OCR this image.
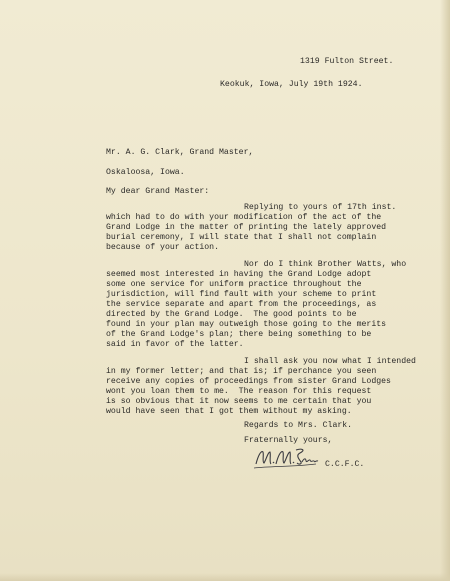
1319 Fulton Street.
Keokuk, Iowa, July 19th 1924.
Mr. A. G. Clark, Grand Master,
Oskaloosa, Iowa.
My dear Grand Master:
Replying to yours of 17th inst.
which had to do with your modification of the act of the
Grand Lodge in the matter of printing the lately approved
burial ceremony, I will state that I shall not complain
because of your action.
Nor do I think Brother Watts, who
seemed most interested in having the Grand Lodge adopt
some one service for uniform practice throughout the
jurisdiction, will find fault with your scheme to print
the service separate and apart from the proceedings, as
directed by the Grand Lodge.  The good points to be
found in your plan may outweigh those going to the merits
of the Grand Lodge's plan; there being something to be
said in favor of the latter.
I shall ask you now what I intended
in my former letter; and that is; if perchance you seen
receive any copies of proceedings from sister Grand Lodges
wont you loan them to me.  The reason for this request
is so obvious that it now seems to me certain that you
would have seen that I got them without my asking.
Regards to Mrs. Clark.
Fraternally yours,
C.C.F.C.
